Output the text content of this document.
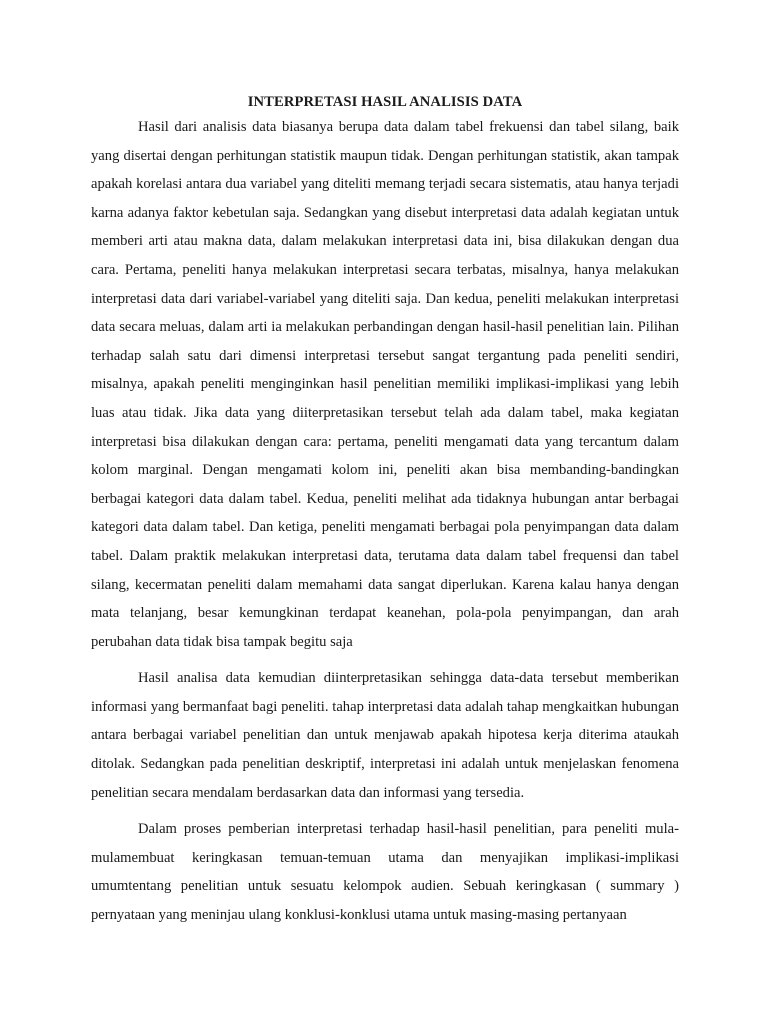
INTERPRETASI HASIL ANALISIS DATA

Hasil dari analisis data biasanya berupa data dalam tabel frekuensi dan tabel silang, baik yang disertai dengan perhitungan statistik maupun tidak. Dengan perhitungan statistik, akan tampak apakah korelasi antara dua variabel yang diteliti memang terjadi secara sistematis, atau hanya terjadi karna adanya faktor kebetulan saja. Sedangkan yang disebut interpretasi data adalah kegiatan untuk memberi arti atau makna data, dalam melakukan interpretasi data ini, bisa dilakukan dengan dua cara. Pertama, peneliti hanya melakukan interpretasi secara terbatas, misalnya, hanya melakukan interpretasi data dari variabel-variabel yang diteliti saja. Dan kedua, peneliti melakukan interpretasi data secara meluas, dalam arti ia melakukan perbandingan dengan hasil-hasil penelitian lain. Pilihan terhadap salah satu dari dimensi interpretasi tersebut sangat tergantung pada peneliti sendiri, misalnya, apakah peneliti menginginkan hasil penelitian memiliki implikasi-implikasi yang lebih luas atau tidak. Jika data yang diiterpretasikan tersebut telah ada dalam tabel, maka kegiatan interpretasi bisa dilakukan dengan cara: pertama, peneliti mengamati data yang tercantum dalam kolom marginal. Dengan mengamati kolom ini, peneliti akan bisa membanding-bandingkan berbagai kategori data dalam tabel. Kedua, peneliti melihat ada tidaknya hubungan antar berbagai kategori data dalam tabel. Dan ketiga, peneliti mengamati berbagai pola penyimpangan data dalam tabel. Dalam praktik melakukan interpretasi data, terutama data dalam tabel frequensi dan tabel silang, kecermatan peneliti dalam memahami data sangat diperlukan. Karena kalau hanya dengan mata telanjang, besar kemungkinan terdapat keanehan, pola-pola penyimpangan, dan arah perubahan data tidak bisa tampak begitu saja

Hasil analisa data kemudian diinterpretasikan sehingga data-data tersebut memberikan informasi yang bermanfaat bagi peneliti. tahap interpretasi data adalah tahap mengkaitkan hubungan antara berbagai variabel penelitian dan untuk menjawab apakah hipotesa kerja diterima ataukah ditolak. Sedangkan pada penelitian deskriptif, interpretasi ini adalah untuk menjelaskan fenomena penelitian secara mendalam berdasarkan data dan informasi yang tersedia.

Dalam proses pemberian interpretasi terhadap hasil-hasil penelitian, para peneliti mula-mulamembuat keringkasan temuan-temuan utama dan menyajikan implikasi-implikasi umumtentang penelitian untuk sesuatu kelompok audien. Sebuah keringkasan ( summary ) pernyataan yang meninjau ulang konklusi-konklusi utama untuk masing-masing pertanyaan
